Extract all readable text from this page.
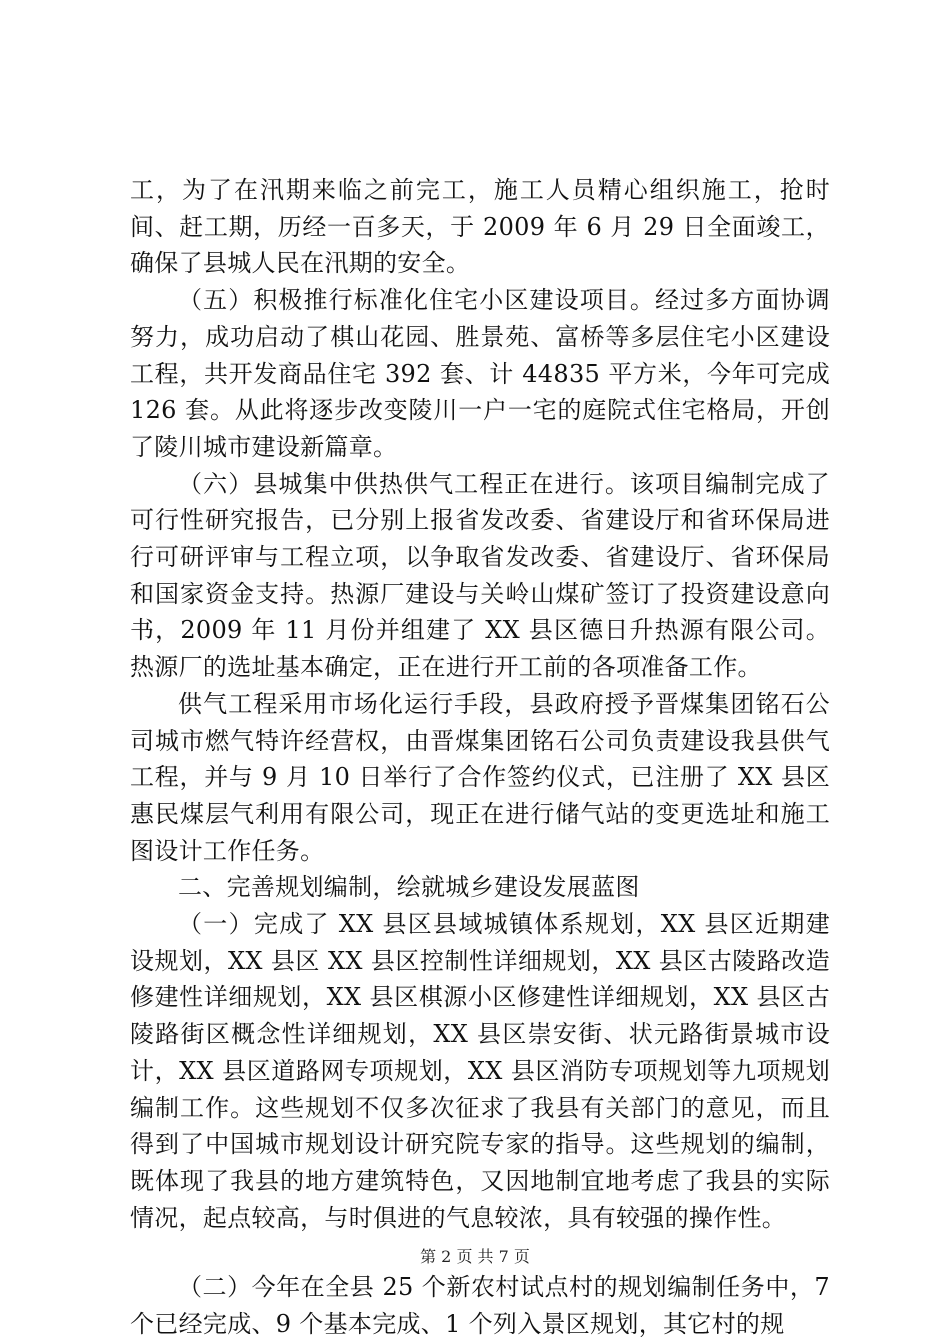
工，为了在汛期来临之前完工，施工人员精心组织施工，抢时间、赶工期，历经一百多天，于 2009 年 6 月 29 日全面竣工，确保了县城人民在汛期的安全。

（五）积极推行标准化住宅小区建设项目。经过多方面协调努力，成功启动了棋山花园、胜景苑、富桥等多层住宅小区建设工程，共开发商品住宅 392 套、计 44835 平方米，今年可完成 126 套。从此将逐步改变陵川一户一宅的庭院式住宅格局，开创了陵川城市建设新篇章。

（六）县城集中供热供气工程正在进行。该项目编制完成了可行性研究报告，已分别上报省发改委、省建设厅和省环保局进行可研评审与工程立项，以争取省发改委、省建设厅、省环保局和国家资金支持。热源厂建设与关岭山煤矿签订了投资建设意向书，2009 年 11 月份并组建了 XX 县区德日升热源有限公司。热源厂的选址基本确定，正在进行开工前的各项准备工作。

供气工程采用市场化运行手段，县政府授予晋煤集团铭石公司城市燃气特许经营权，由晋煤集团铭石公司负责建设我县供气工程，并与 9 月 10 日举行了合作签约仪式，已注册了 XX 县区惠民煤层气利用有限公司，现正在进行储气站的变更选址和施工图设计工作任务。

二、完善规划编制，绘就城乡建设发展蓝图

（一）完成了 XX 县区县域城镇体系规划，XX 县区近期建设规划，XX 县区 XX 县区控制性详细规划，XX 县区古陵路改造修建性详细规划，XX 县区棋源小区修建性详细规划，XX 县区古陵路街区概念性详细规划，XX 县区崇安街、状元路街景城市设计，XX 县区道路网专项规划，XX 县区消防专项规划等九项规划编制工作。这些规划不仅多次征求了我县有关部门的意见，而且得到了中国城市规划设计研究院专家的指导。这些规划的编制，既体现了我县的地方建筑特色，又因地制宜地考虑了我县的实际情况，起点较高，与时俱进的气息较浓，具有较强的操作性。

（二）今年在全县 25 个新农村试点村的规划编制任务中，7 个已经完成、9 个基本完成、1 个列入景区规划，其它村的规

第 2 页 共 7 页
